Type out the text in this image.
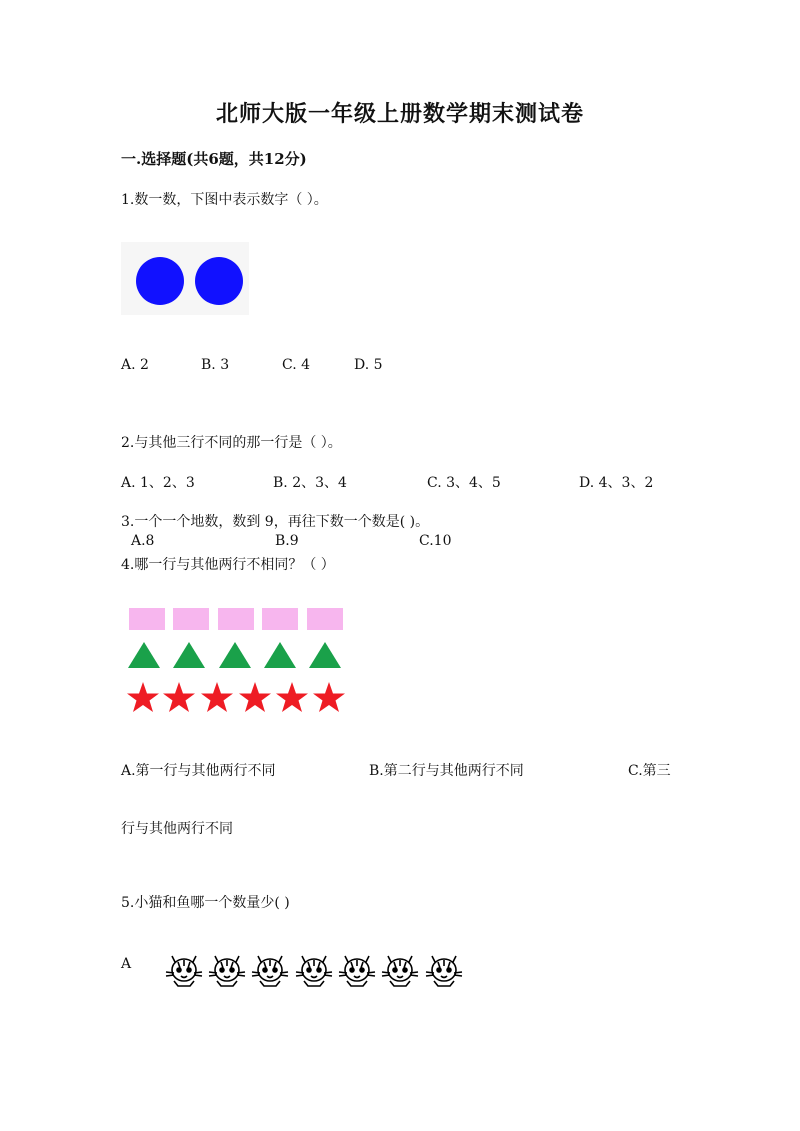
北师大版一年级上册数学期末测试卷
一.选择题(共6题，共12分)
1.数一数，下图中表示数字（ ）。
A. 2	B. 3	C. 4	D. 5
2.与其他三行不同的那一行是（ ）。
A. 1、2、3	B. 2、3、4	C. 3、4、5	D. 4、3、2
3.一个一个地数，数到 9，再往下数一个数是( )。
A.8	B.9	C.10
4.哪一行与其他两行不相同？（ ）
A.第一行与其他两行不同	B.第二行与其他两行不同	C.第三
行与其他两行不同
5.小猫和鱼哪一个数量少( )
A
